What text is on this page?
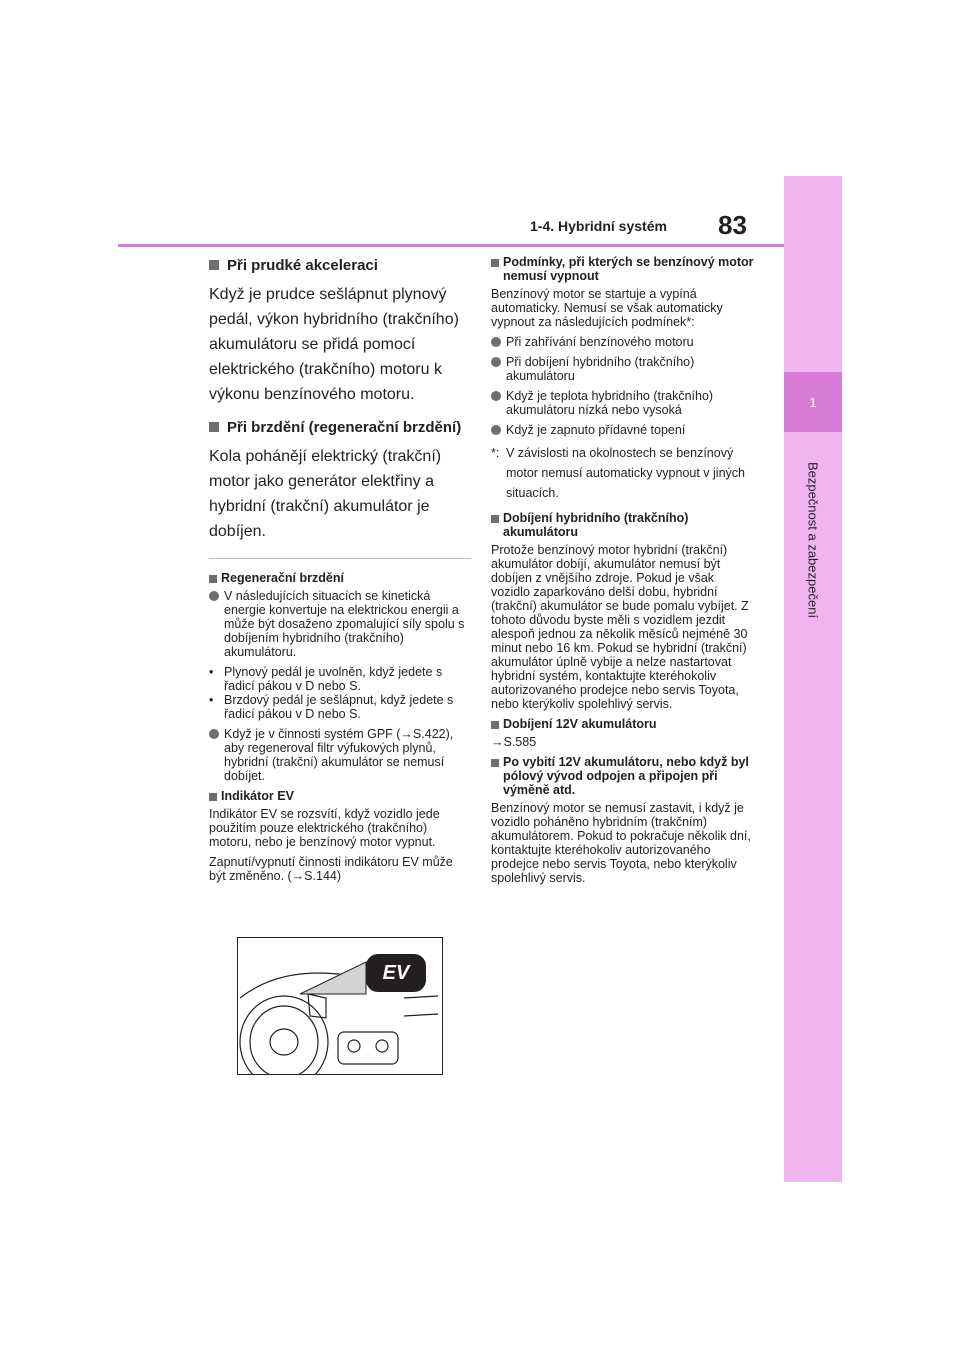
1-4. Hybridní systém 83
1
Bezpečnost a zabezpečení
Při prudké akceleraci

Když je prudce sešlápnut plynový pedál, výkon hybridního (trakčního) akumulátoru se přidá pomocí elektrického (trakčního) motoru k výkonu benzínového motoru.

Při brzdění (regenerační brzdění)

Kola pohánějí elektrický (trakční) motor jako generátor elektřiny a hybridní (trakční) akumulátor je dobíjen.

Regenerační brzdění
V následujících situacích se kinetická energie konvertuje na elektrickou energii a může být dosaženo zpomalující síly spolu s dobíjením hybridního (trakčního) akumulátoru.
• Plynový pedál je uvolněn, když jedete s řadicí pákou v D nebo S.
• Brzdový pedál je sešlápnut, když jedete s řadicí pákou v D nebo S.
Když je v činnosti systém GPF (→S.422), aby regeneroval filtr výfukových plynů, hybridní (trakční) akumulátor se nemusí dobíjet.
Indikátor EV

Indikátor EV se rozsvítí, když vozidlo jede použitím pouze elektrického (trakčního) motoru, nebo je benzínový motor vypnut.

Zapnutí/vypnutí činnosti indikátoru EV může být změněno. (→S.144)

EV
Podmínky, při kterých se benzínový motor nemusí vypnout

Benzínový motor se startuje a vypíná automaticky. Nemusí se však automaticky vypnout za následujících podmínek*:

Při zahřívání benzínového motoru
Při dobíjení hybridního (trakčního) akumulátoru
Když je teplota hybridního (trakčního) akumulátoru nízká nebo vysoká
Když je zapnuto přídavné topení
*: V závislosti na okolnostech se benzínový motor nemusí automaticky vypnout v jiných situacích.
Dobíjení hybridního (trakčního) akumulátoru

Protože benzínový motor hybridní (trakční) akumulátor dobíjí, akumulátor nemusí být dobíjen z vnějšího zdroje. Pokud je však vozidlo zaparkováno delší dobu, hybridní (trakční) akumulátor se bude pomalu vybíjet. Z tohoto důvodu byste měli s vozidlem jezdit alespoň jednou za několik měsíců nejméně 30 minut nebo 16 km. Pokud se hybridní (trakční) akumulátor úplně vybije a nelze nastartovat hybridní systém, kontaktujte kteréhokoliv autorizovaného prodejce nebo servis Toyota, nebo kterýkoliv spolehlivý servis.

Dobíjení 12V akumulátoru

→S.585

Po vybití 12V akumulátoru, nebo když byl pólový vývod odpojen a připojen při výměně atd.

Benzínový motor se nemusí zastavit, i když je vozidlo poháněno hybridním (trakčním) akumulátorem. Pokud to pokračuje několik dní, kontaktujte kteréhokoliv autorizovaného prodejce nebo servis Toyota, nebo kterýkoliv spolehlivý servis.
